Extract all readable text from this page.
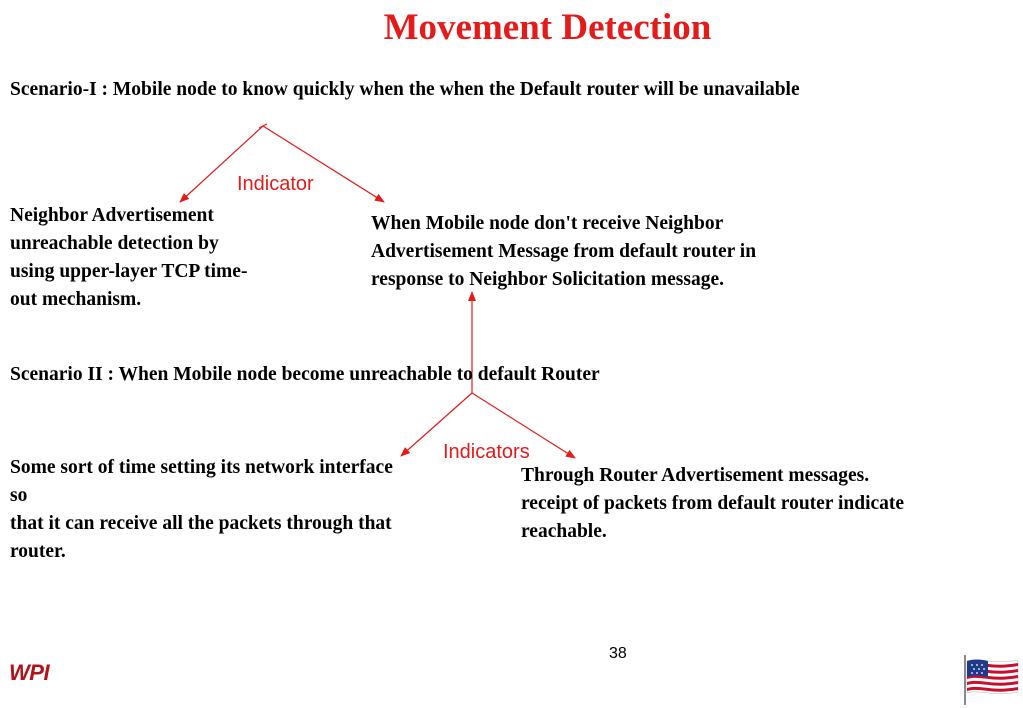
Movement Detection
Scenario-I : Mobile node to know quickly when the when the Default router will be unavailable
Indicator
Neighbor Advertisement
unreachable detection by
using upper-layer TCP time-
out mechanism.
When Mobile node don't receive Neighbor
Advertisement Message from default router in
response to Neighbor Solicitation message.
Scenario II : When Mobile node become unreachable to default Router
Indicators
Some sort of time setting its network interface
so
that it can receive all the packets through that
router.
Through Router Advertisement messages.
receipt of packets from default router indicate
reachable.
38
WPI
